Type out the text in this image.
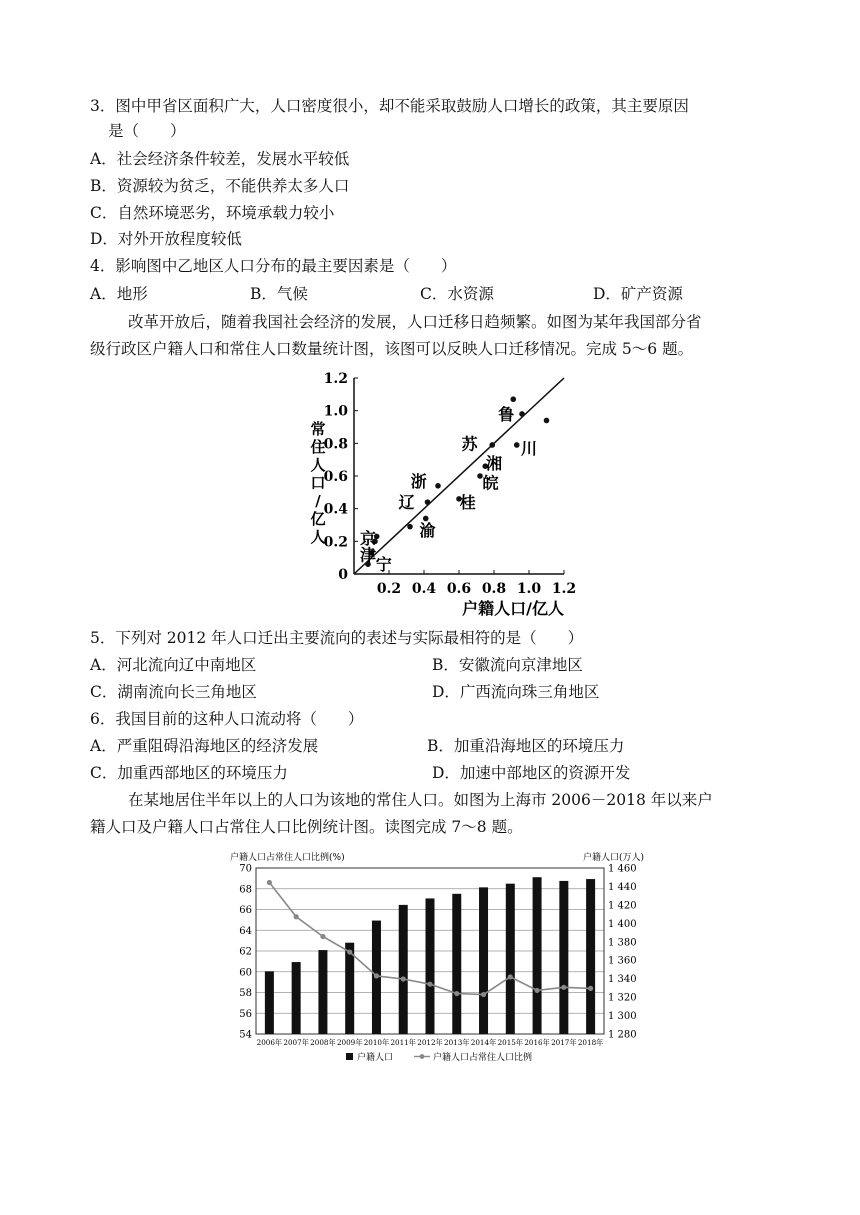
3．图中甲省区面积广大，人口密度很小，却不能采取鼓励人口增长的政策，其主要原因
是（　　）
A．社会经济条件较差，发展水平较低
B．资源较为贫乏，不能供养太多人口
C．自然环境恶劣，环境承载力较小
D．对外开放程度较低
4．影响图中乙地区人口分布的最主要因素是（　　）
A．地形	B．气候	C．水资源	D．矿产资源
改革开放后，随着我国社会经济的发展，人口迁移日趋频繁。如图为某年我国部分省
级行政区户籍人口和常住人口数量统计图，该图可以反映人口迁移情况。完成 5～6 题。
0
0.2
0.4
0.6
0.8
1.0
1.2
0.2 0.4 0.6 0.8 1.0 1.2
户籍人口/亿人
常
住
人
口
/
亿
人 京
津
宁
辽
浙
渝
桂
苏
湘
皖
鲁
川
5．下列对 2012 年人口迁出主要流向的表述与实际最相符的是（　　）
A．河北流向辽中南地区	B．安徽流向京津地区
C．湖南流向长三角地区	D．广西流向珠三角地区
6．我国目前的这种人口流动将（　　）
A．严重阻碍沿海地区的经济发展	B．加重沿海地区的环境压力
C．加重西部地区的环境压力	D．加速中部地区的资源开发
在某地居住半年以上的人口为该地的常住人口。如图为上海市 2006－2018 年以来户
籍人口及户籍人口占常住人口比例统计图。读图完成 7～8 题。
户籍人口占常住人口比例(%)	户籍人口(万人)
54
56
58
60
62
64
66
68
70
1 280
1 300
1 320
1 340
1 360
1 380
1 400
1 420
1 440
1 460
2006年 2007年 2008年 2009年 2010年 2011年 2012年 2013年 2014年 2015年 2016年 2017年 2018年
户籍人口	户籍人口占常住人口比例
